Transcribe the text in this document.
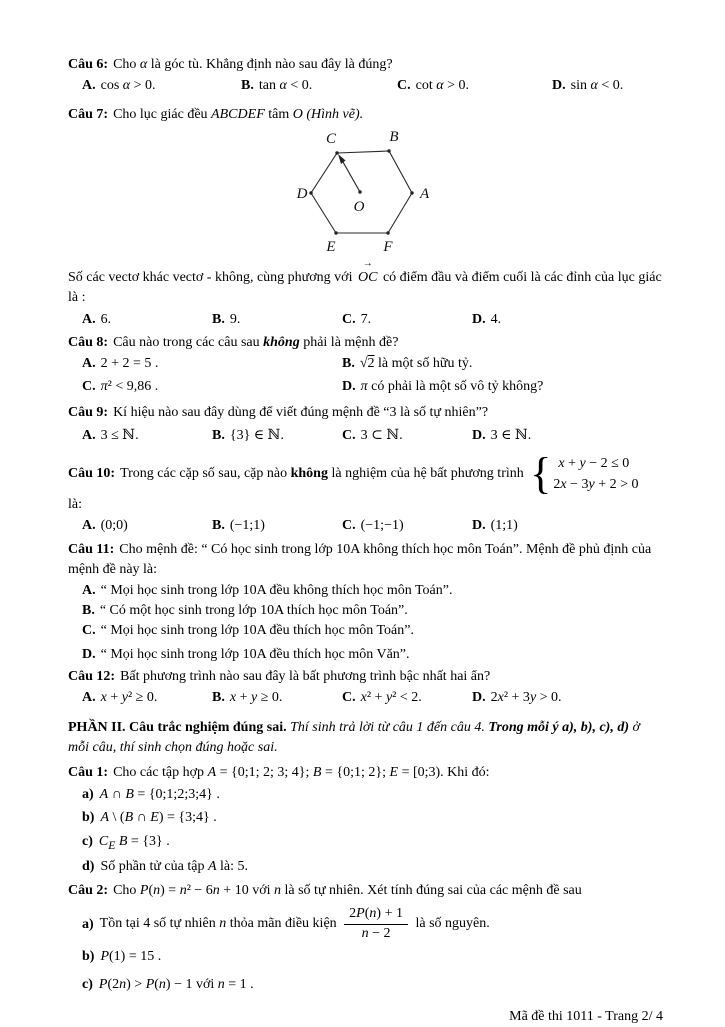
Câu 6: Cho α là góc tù. Khẳng định nào sau đây là đúng?
A. cos α > 0.	B. tan α < 0.	C. cot α > 0.	D. sin α < 0.
Câu 7: Cho lục giác đều ABCDEF tâm O (Hình vẽ).
C	B
A
D
E	F
O
Số các vectơ khác vectơ - không, cùng phương với
→
OC có điểm đầu và điểm cuối là các đỉnh của lục giác là :
A. 6.	B. 9.	C. 7.	D. 4.
Câu 8: Câu nào trong các câu sau không phải là mệnh đề?
A. 2 + 2 = 5 .	B. √2 là một số hữu tỷ.
C. π² < 9,86 .	D. π có phải là một số vô tỷ không?
Câu 9: Kí hiệu nào sau đây dùng để viết đúng mệnh đề “3 là số tự nhiên”?
A. 3 ≤ ℕ.	B. {3} ∈ ℕ.	C. 3 ⊂ ℕ.	D. 3 ∈ ℕ.
Câu 10: Trong các cặp số sau, cặp nào không là nghiệm của hệ bất phương trình { x + y − 2 ≤ 0
2x − 3y + 2 > 0
là:
A. (0;0)	B. (−1;1)	C. (−1;−1)	D. (1;1)
Câu 11: Cho mệnh đề: “ Có học sinh trong lớp 10A không thích học môn Toán”. Mệnh đề phủ định của mệnh đề này là:
A. “ Mọi học sinh trong lớp 10A đều không thích học môn Toán”.
B. “ Có một học sinh trong lớp 10A thích học môn Toán”.
C. “ Mọi học sinh trong lớp 10A đều thích học môn Toán”.
D. “ Mọi học sinh trong lớp 10A đều thích học môn Văn”.
Câu 12: Bất phương trình nào sau đây là bất phương trình bậc nhất hai ẩn?
A. x + y² ≥ 0.	B. x + y ≥ 0.	C. x² + y² < 2.	D. 2x² + 3y > 0.
PHẦN II. Câu trắc nghiệm đúng sai. Thí sinh trả lời từ câu 1 đến câu 4. Trong mỗi ý a), b), c), d) ở mỗi câu, thí sinh chọn đúng hoặc sai.
Câu 1: Cho các tập hợp A = {0;1; 2; 3; 4}; B = {0;1; 2}; E = [0;3). Khi đó:
a) A ∩ B = {0;1;2;3;4} .
b) A \ (B ∩ E) = {3;4} .
c) $C_E$ B = {3} .
d) Số phần tử của tập A là: 5.
Câu 2: Cho P(n) = n² − 6n + 10 với n là số tự nhiên. Xét tính đúng sai của các mệnh đề sau
a) Tồn tại 4 số tự nhiên n thỏa mãn điều kiện $\frac{2P(n) + 1}{n - 2}$ là số nguyên.
b) P(1) = 15 .
c) P(2n) > P(n) − 1 với n = 1 .
Mã đề thi 1011 - Trang 2/ 4
